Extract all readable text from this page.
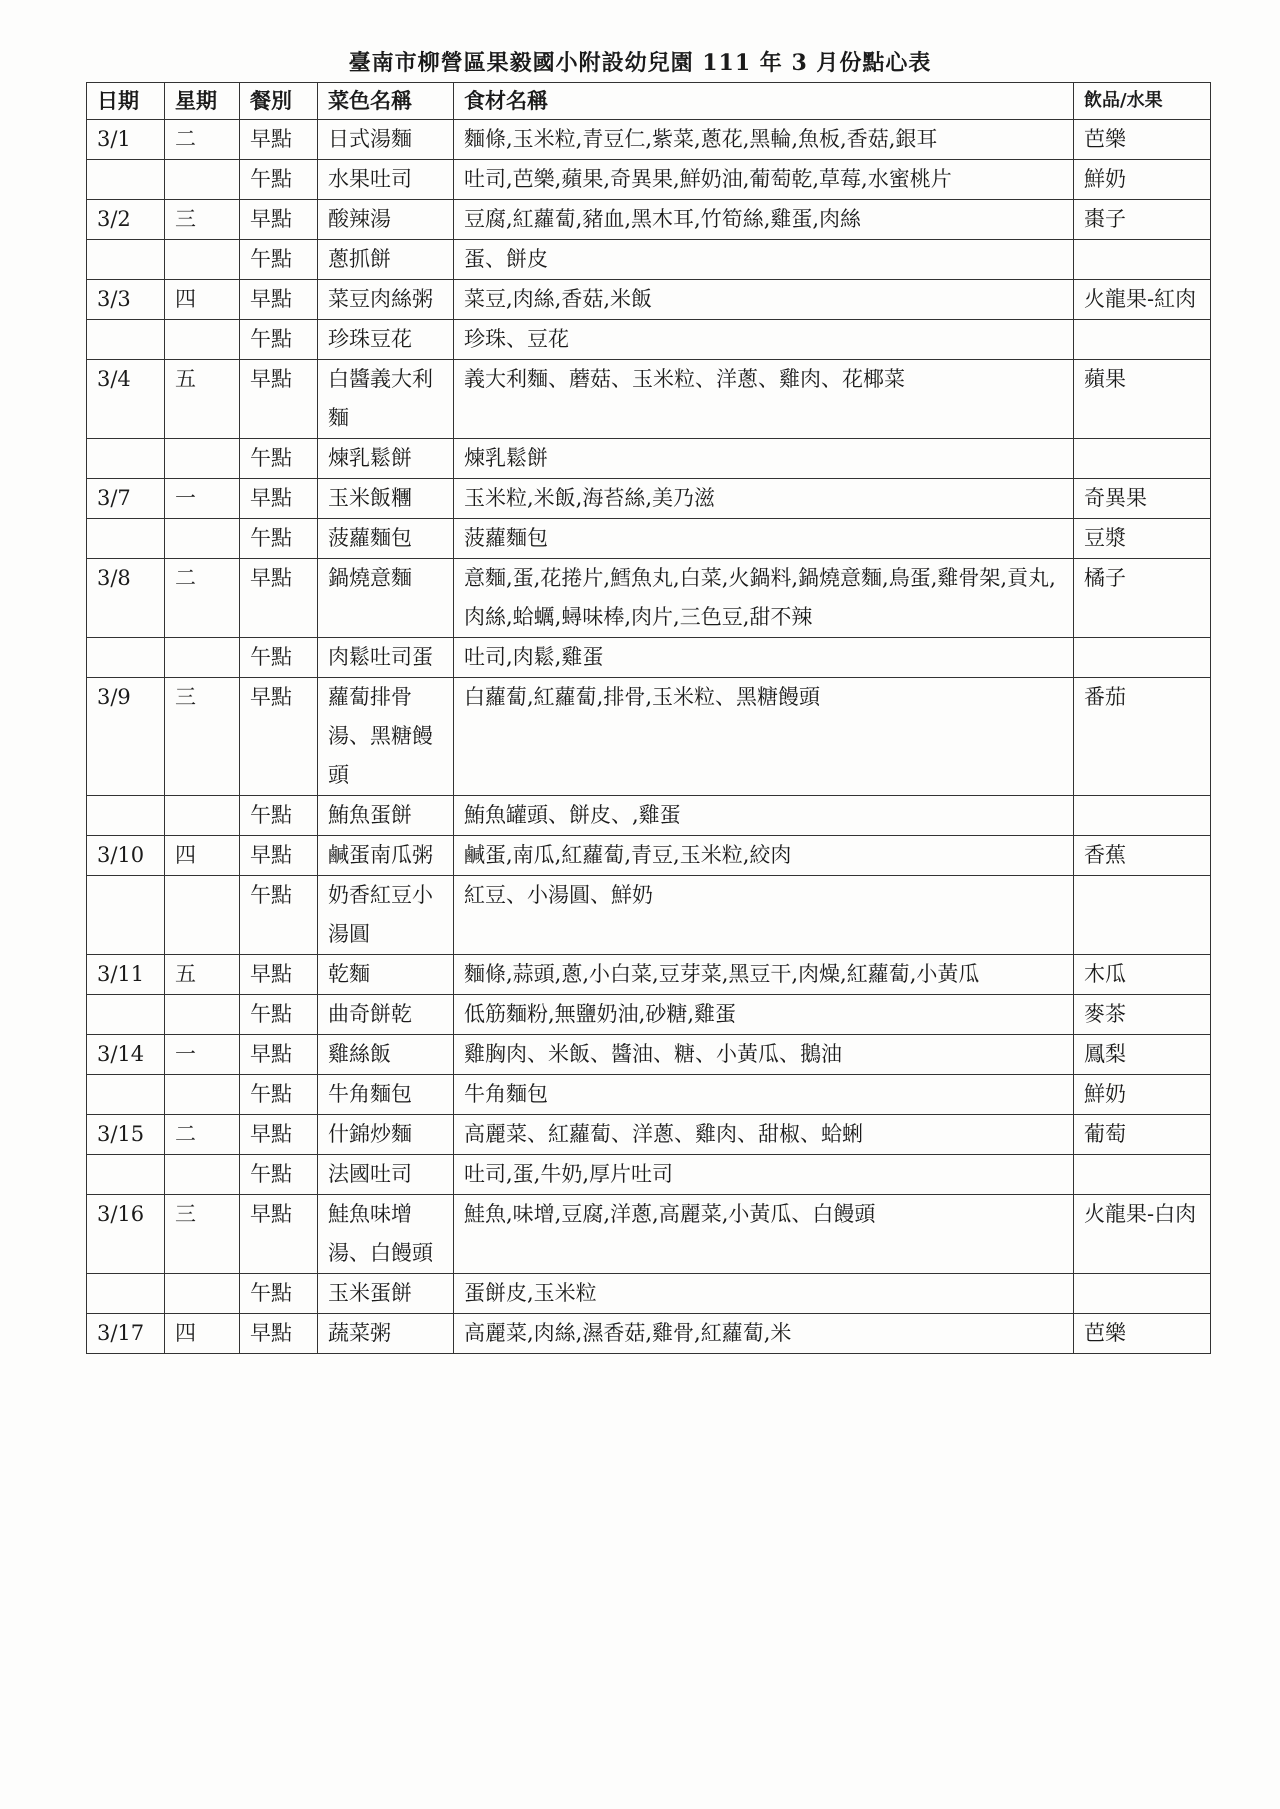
臺南市柳營區果毅國小附設幼兒園 111 年 3 月份點心表
日期	星期	餐別	菜色名稱	食材名稱	飲品/水果
3/1	二	早點	日式湯麵	麵條,玉米粒,青豆仁,紫菜,蔥花,黑輪,魚板,香菇,銀耳	芭樂
		午點	水果吐司	吐司,芭樂,蘋果,奇異果,鮮奶油,葡萄乾,草莓,水蜜桃片	鮮奶
3/2	三	早點	酸辣湯	豆腐,紅蘿蔔,豬血,黑木耳,竹筍絲,雞蛋,肉絲	棗子
		午點	蔥抓餅	蛋、餅皮	
3/3	四	早點	菜豆肉絲粥	菜豆,肉絲,香菇,米飯	火龍果-紅肉
		午點	珍珠豆花	珍珠、豆花	
3/4	五	早點	白醬義大利麵	義大利麵、蘑菇、玉米粒、洋蔥、雞肉、花椰菜	蘋果
		午點	煉乳鬆餅	煉乳鬆餅	
3/7	一	早點	玉米飯糰	玉米粒,米飯,海苔絲,美乃滋	奇異果
		午點	菠蘿麵包	菠蘿麵包	豆漿
3/8	二	早點	鍋燒意麵	意麵,蛋,花捲片,鱈魚丸,白菜,火鍋料,鍋燒意麵,鳥蛋,雞骨架,貢丸,肉絲,蛤蠣,蟳味棒,肉片,三色豆,甜不辣	橘子
		午點	肉鬆吐司蛋	吐司,肉鬆,雞蛋	
3/9	三	早點	蘿蔔排骨湯、黑糖饅頭	白蘿蔔,紅蘿蔔,排骨,玉米粒、黑糖饅頭	番茄
		午點	鮪魚蛋餅	鮪魚罐頭、餅皮、,雞蛋	
3/10	四	早點	鹹蛋南瓜粥	鹹蛋,南瓜,紅蘿蔔,青豆,玉米粒,絞肉	香蕉
		午點	奶香紅豆小湯圓	紅豆、小湯圓、鮮奶	
3/11	五	早點	乾麵	麵條,蒜頭,蔥,小白菜,豆芽菜,黑豆干,肉燥,紅蘿蔔,小黃瓜	木瓜
		午點	曲奇餅乾	低筋麵粉,無鹽奶油,砂糖,雞蛋	麥茶
3/14	一	早點	雞絲飯	雞胸肉、米飯、醬油、糖、小黃瓜、鵝油	鳳梨
		午點	牛角麵包	牛角麵包	鮮奶
3/15	二	早點	什錦炒麵	高麗菜、紅蘿蔔、洋蔥、雞肉、甜椒、蛤蜊	葡萄
		午點	法國吐司	吐司,蛋,牛奶,厚片吐司	
3/16	三	早點	鮭魚味增湯、白饅頭	鮭魚,味增,豆腐,洋蔥,高麗菜,小黃瓜、白饅頭	火龍果-白肉
		午點	玉米蛋餅	蛋餅皮,玉米粒	
3/17	四	早點	蔬菜粥	高麗菜,肉絲,濕香菇,雞骨,紅蘿蔔,米	芭樂
